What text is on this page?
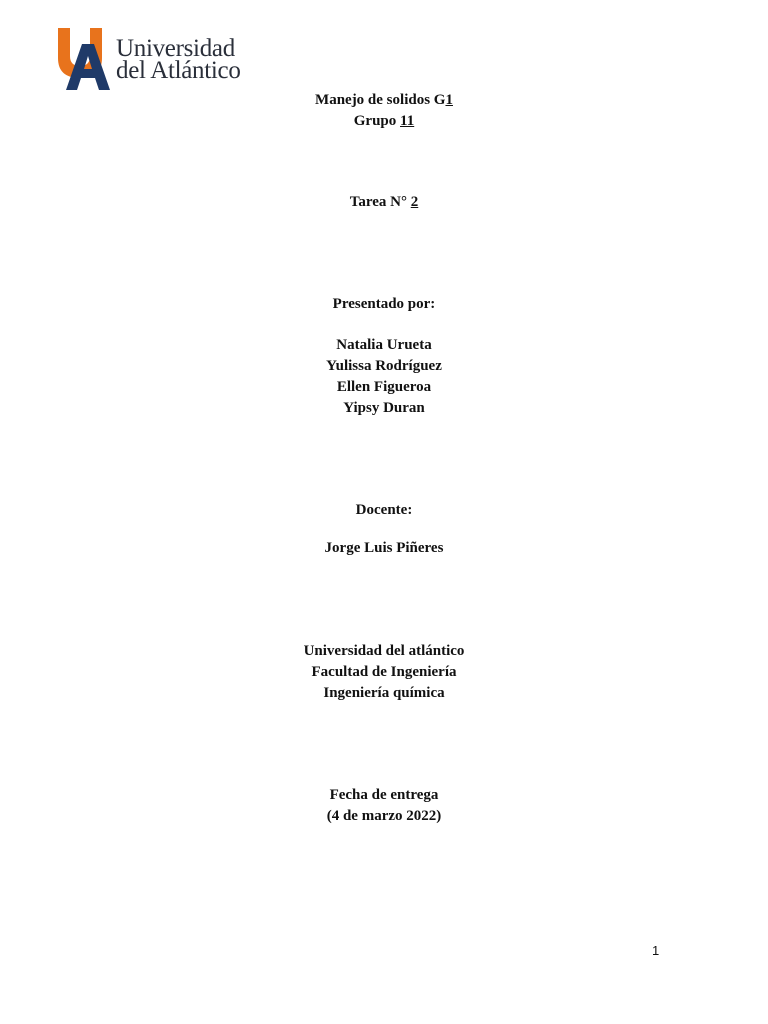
Universidad
del Atlántico
Manejo de solidos G1
Grupo 11
Tarea N° 2
Presentado por:
Natalia Urueta
Yulissa Rodríguez
Ellen Figueroa
Yipsy Duran
Docente:
Jorge Luis Piñeres
Universidad del atlántico
Facultad de Ingeniería
Ingeniería química
Fecha de entrega
(4 de marzo 2022)
1
